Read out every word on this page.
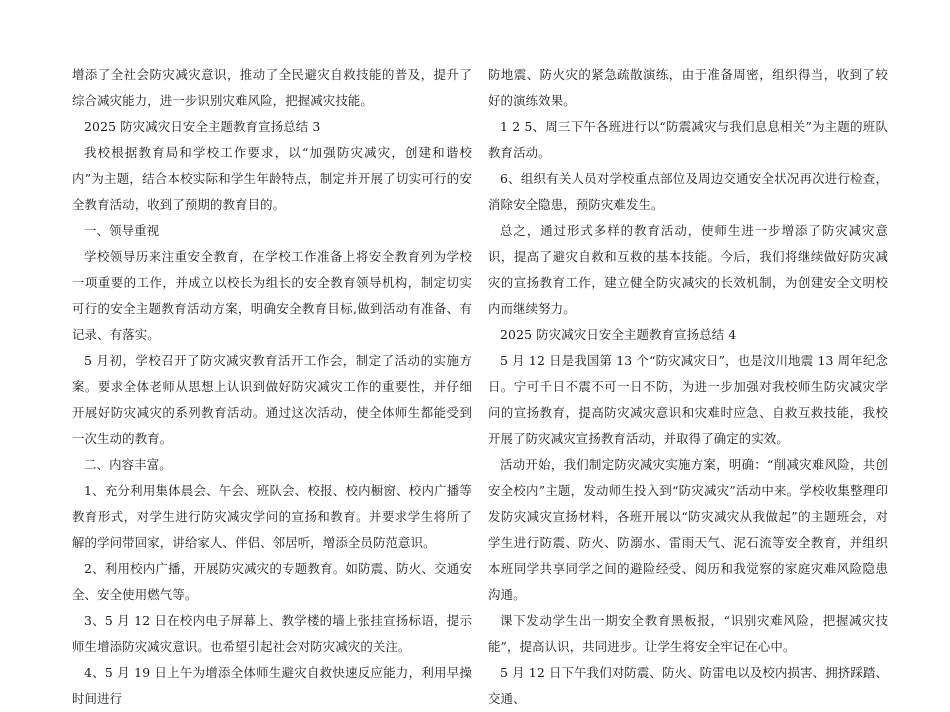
增添了全社会防灾减灾意识，推动了全民避灾自救技能的普及，提升了综合减灾能力，进一步识别灾难风险，把握减灾技能。

2025 防灾减灾日安全主题教育宣扬总结 3

我校根据教育局和学校工作要求，以“加强防灾减灾，创建和谐校内”为主题，结合本校实际和学生年龄特点，制定并开展了切实可行的安全教育活动，收到了预期的教育目的。

一、领导重视

学校领导历来注重安全教育，在学校工作准备上将安全教育列为学校一项重要的工作，并成立以校长为组长的安全教育领导机构，制定切实可行的安全主题教育活动方案，明确安全教育目标,做到活动有准备、有记录、有落实。

5 月初，学校召开了防灾减灾教育活开工作会，制定了活动的实施方案。要求全体老师从思想上认识到做好防灾减灾工作的重要性，并仔细开展好防灾减灾的系列教育活动。通过这次活动，使全体师生都能受到一次生动的教育。

二、内容丰富。

1、充分利用集体晨会、午会、班队会、校报、校内橱窗、校内广播等教育形式，对学生进行防灾减灾学问的宣扬和教育。并要求学生将所了解的学问带回家，讲给家人、伴侣、邻居听，增添全员防范意识。

2、利用校内广播，开展防灾减灾的专题教育。如防震、防火、交通安全、安全使用燃气等。

3、5 月 12 日在校内电子屏幕上、教学楼的墙上张挂宣扬标语，提示师生增添防灾减灾意识。也希望引起社会对防灾减灾的关注。

4、5 月 19 日上午为增添全体师生避灾自救快速反应能力，利用早操时间进行

防地震、防火灾的紧急疏散演练，由于准备周密，组织得当，收到了较好的演练效果。

1 2 5、周三下午各班进行以“防震减灾与我们息息相关”为主题的班队教育活动。

6、组织有关人员对学校重点部位及周边交通安全状况再次进行检查，消除安全隐患，预防灾难发生。

总之，通过形式多样的教育活动，使师生进一步增添了防灾减灾意识，提高了避灾自救和互救的基本技能。今后，我们将继续做好防灾减灾的宣扬教育工作，建立健全防灾减灾的长效机制，为创建安全文明校内而继续努力。

2025 防灾减灾日安全主题教育宣扬总结 4

5 月 12 日是我国第 13 个“防灾减灾日”，也是汶川地震 13 周年纪念日。宁可千日不震不可一日不防，为进一步加强对我校师生防灾减灾学问的宣扬教育，提高防灾减灾意识和灾难时应急、自救互救技能，我校开展了防灾减灾宣扬教育活动，并取得了确定的实效。

活动开始，我们制定防灾减灾实施方案，明确：“削减灾难风险，共创安全校内”主题，发动师生投入到“防灾减灾”活动中来。学校收集整理印发防灾减灾宣扬材料，各班开展以“防灾减灾从我做起”的主题班会，对学生进行防震、防火、防溺水、雷雨天气、泥石流等安全教育，并组织本班同学共享同学之间的避险经受、阅历和我觉察的家庭灾难风险隐患沟通。

课下发动学生出一期安全教育黑板报，“识别灾难风险，把握减灾技能”，提高认识，共同进步。让学生将安全牢记在心中。

5 月 12 日下午我们对防震、防火、防雷电以及校内损害、拥挤踩踏、交通、
